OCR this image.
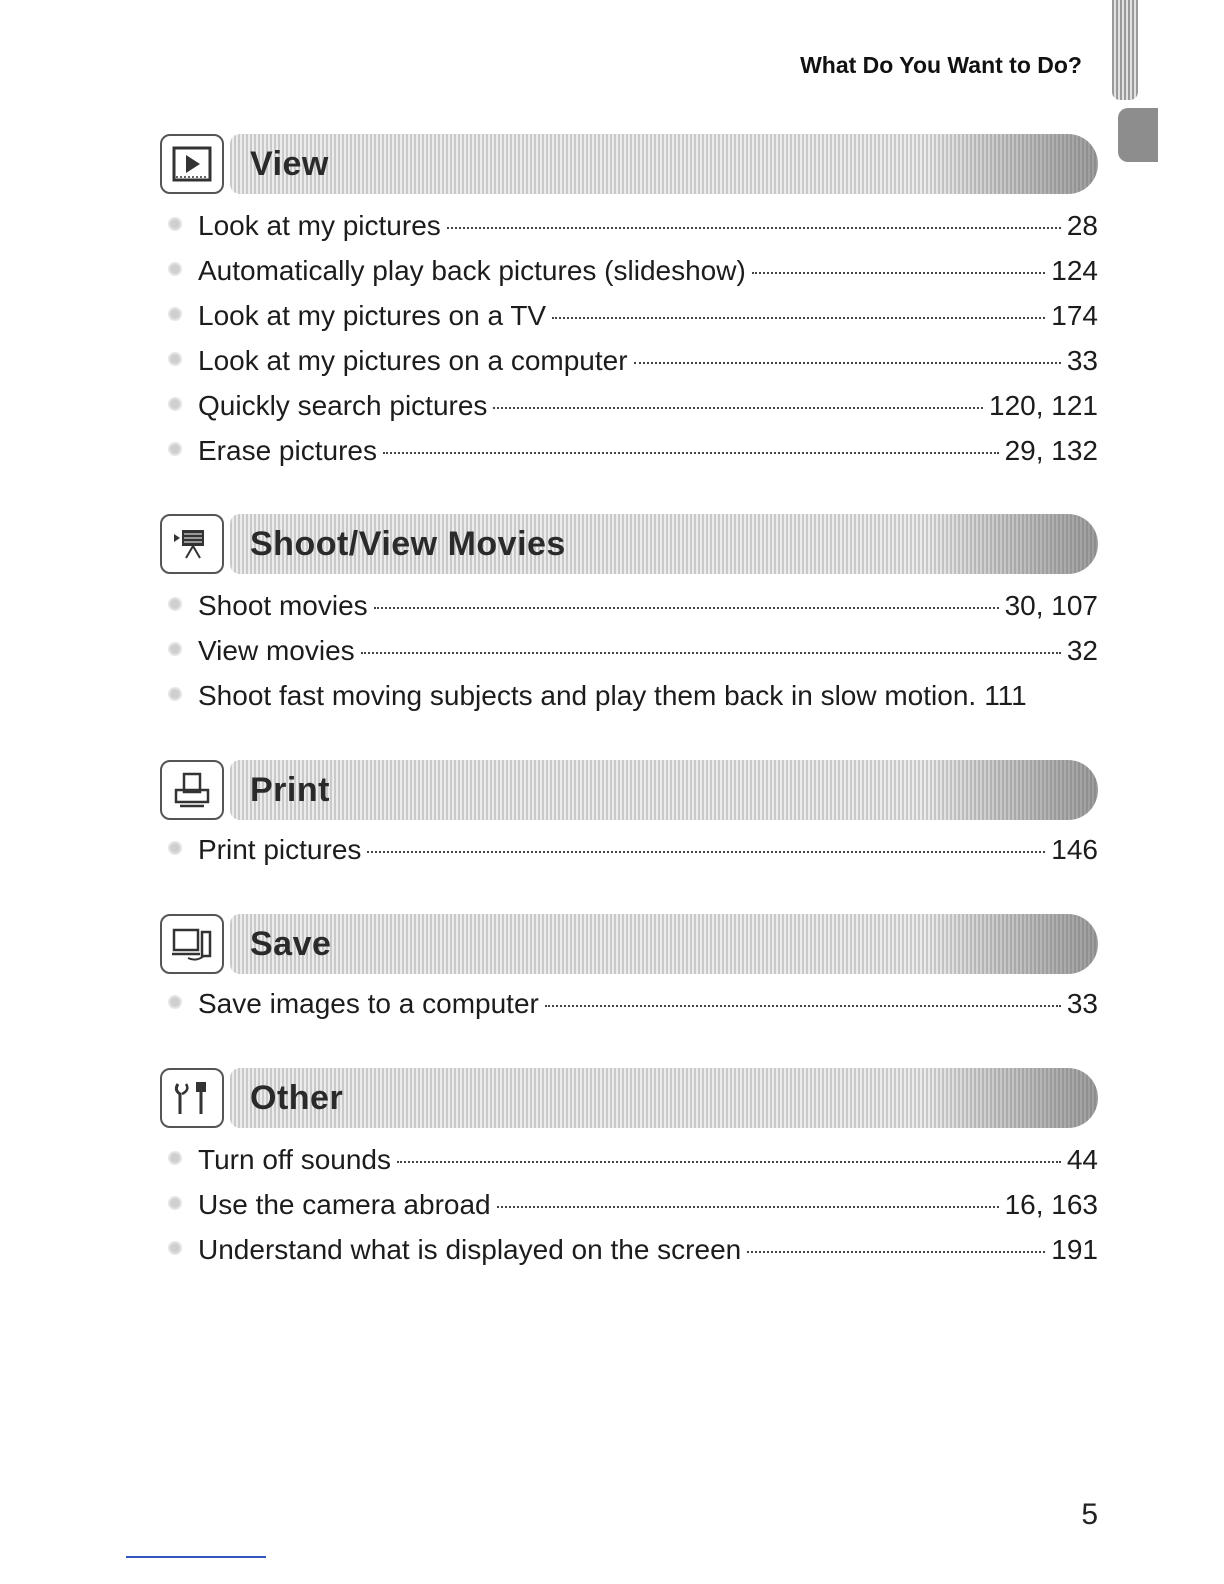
What Do You Want to Do?
View
Look at my pictures	28
Automatically play back pictures (slideshow)	124
Look at my pictures on a TV	174
Look at my pictures on a computer	33
Quickly search pictures	120, 121
Erase pictures	29, 132
Shoot/View Movies
Shoot movies	30, 107
View movies	32
Shoot fast moving subjects and play them back in slow motion. 111
Print
Print pictures	146
Save
Save images to a computer	33
Other
Turn off sounds	44
Use the camera abroad	16, 163
Understand what is displayed on the screen	191
5
